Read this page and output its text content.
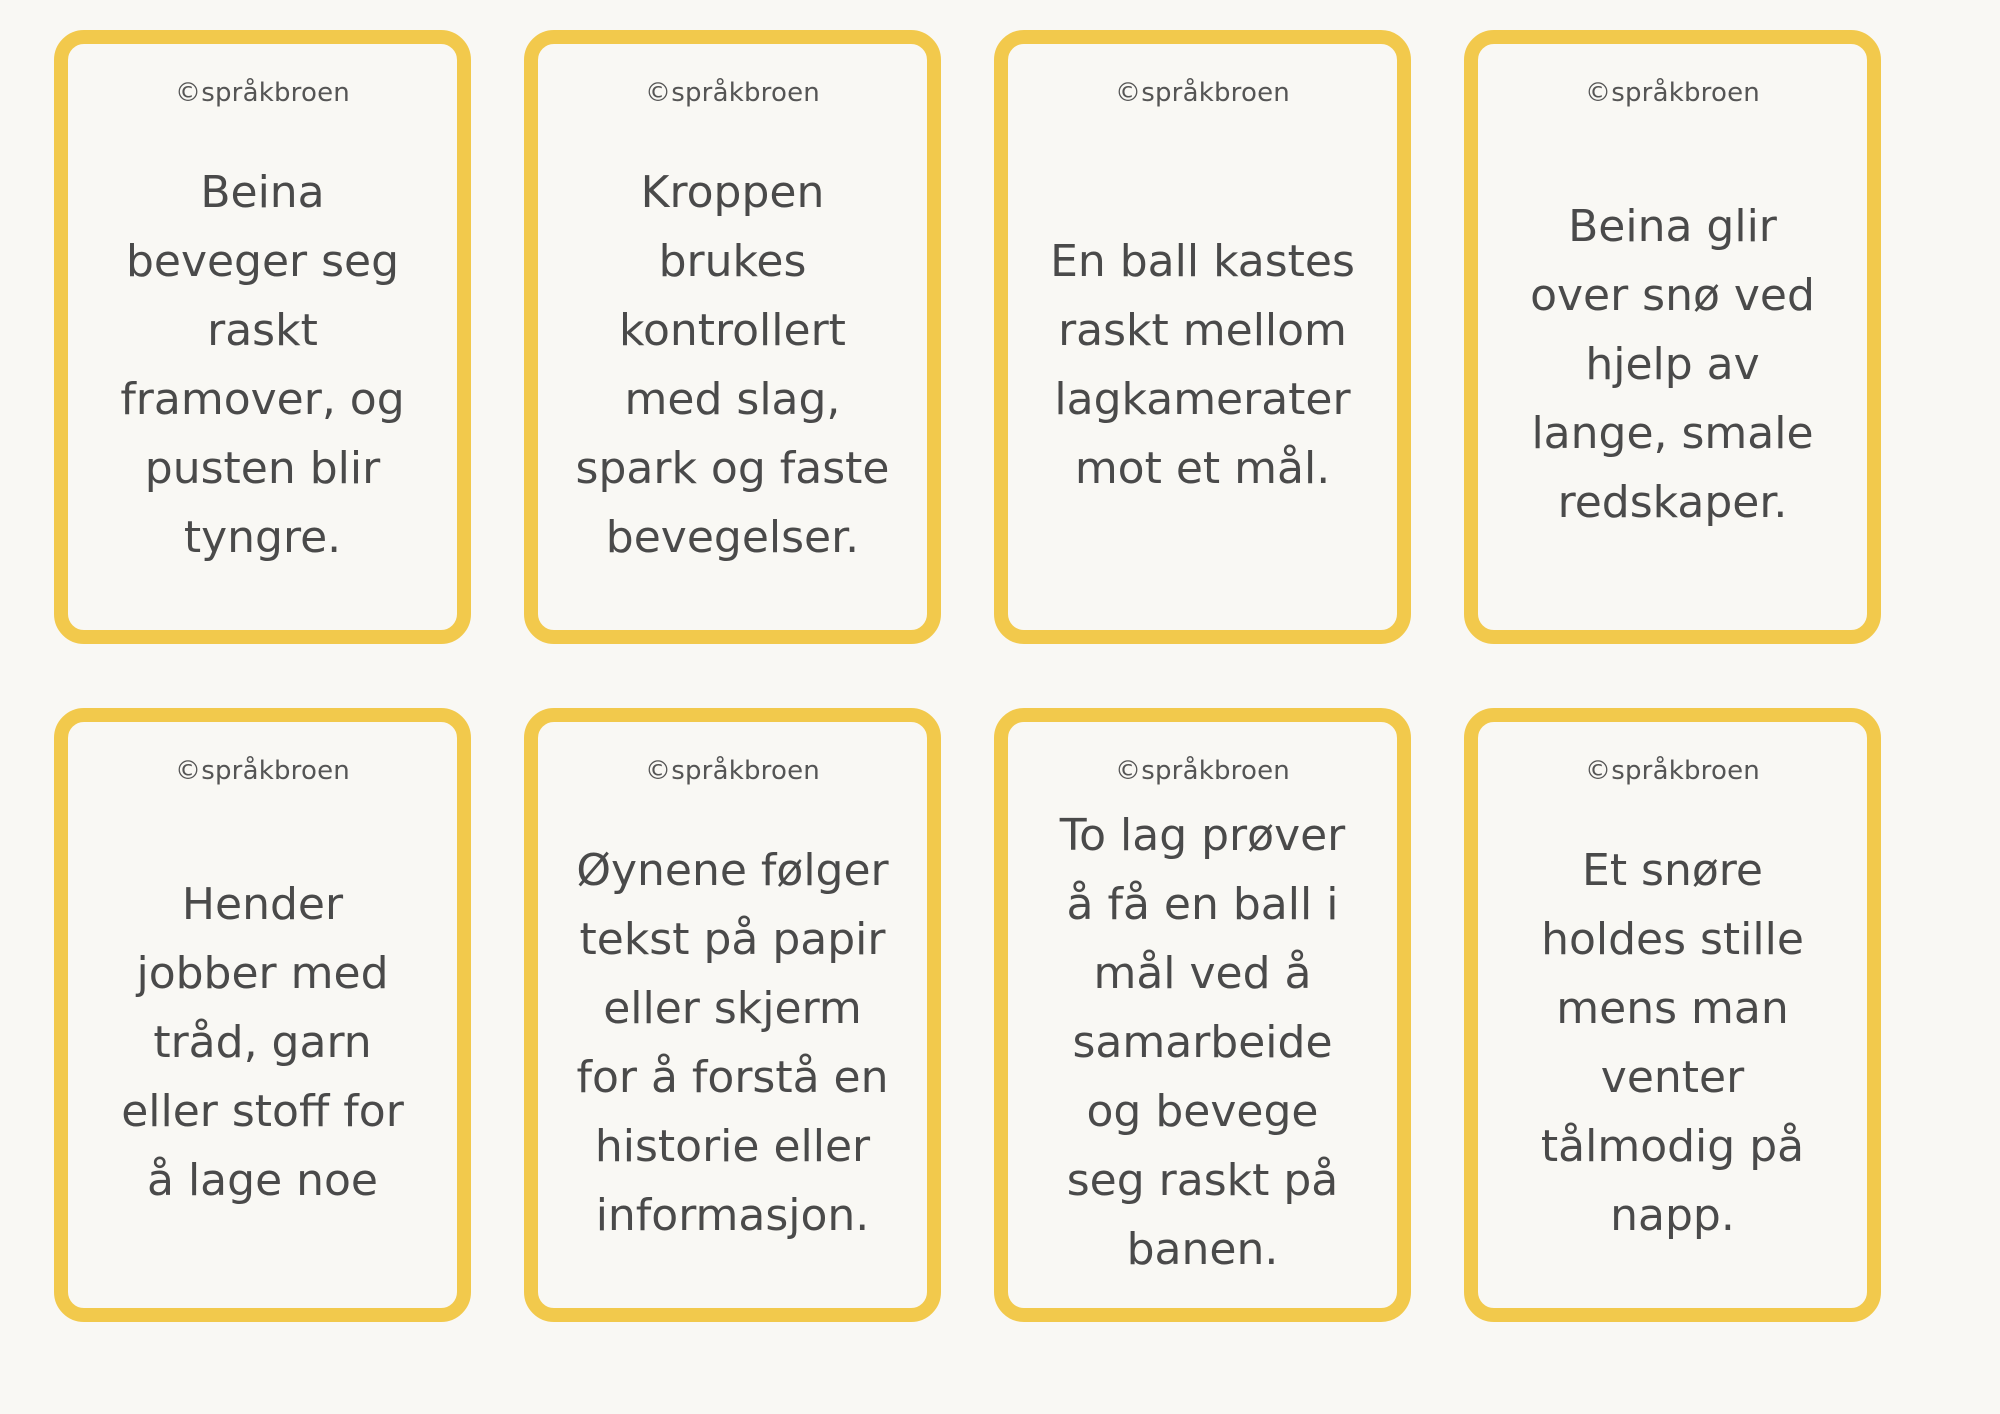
©språkbroen
Beina
beveger seg
raskt
framover, og
pusten blir
tyngre.
©språkbroen
Kroppen
brukes
kontrollert
med slag,
spark og faste
bevegelser.
©språkbroen
En ball kastes
raskt mellom
lagkamerater
mot et mål.
©språkbroen
Beina glir
over snø ved
hjelp av
lange, smale
redskaper.
©språkbroen
Hender
jobber med
tråd, garn
eller stoff for
å lage noe
©språkbroen
Øynene følger
tekst på papir
eller skjerm
for å forstå en
historie eller
informasjon.
©språkbroen
To lag prøver
å få en ball i
mål ved å
samarbeide
og bevege
seg raskt på
banen.
©språkbroen
Et snøre
holdes stille
mens man
venter
tålmodig på
napp.
